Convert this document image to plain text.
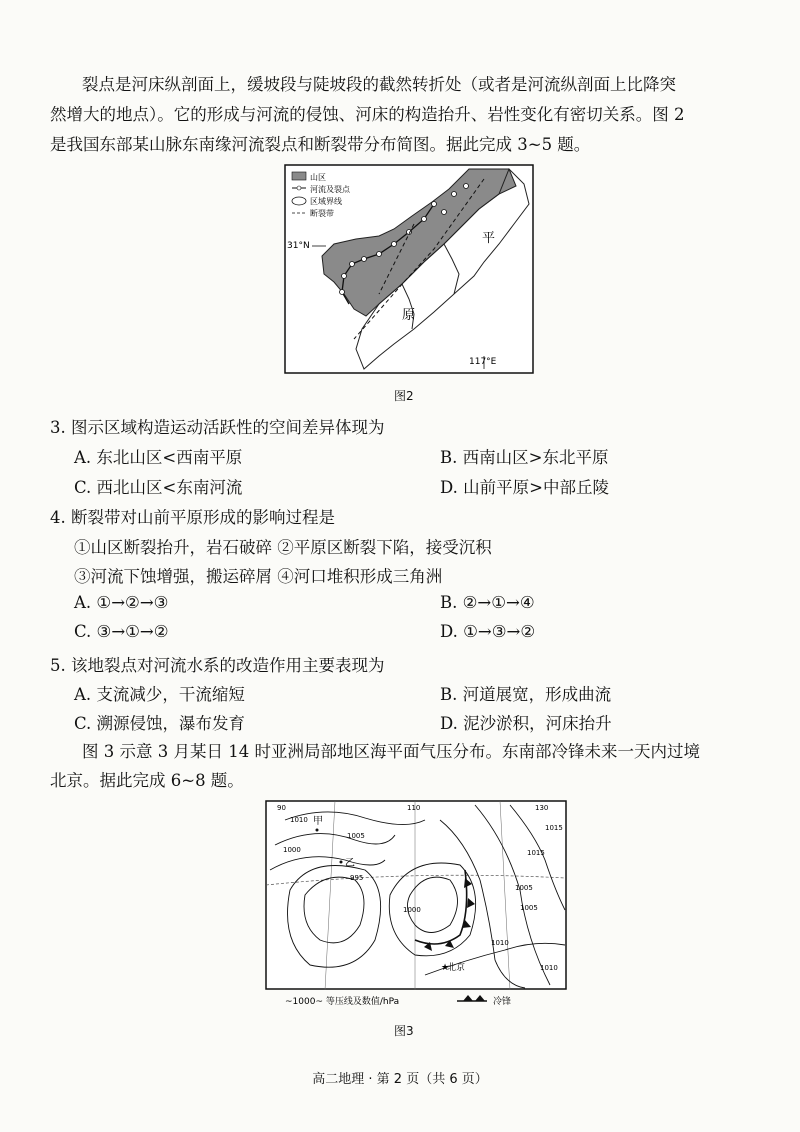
裂点是河床纵剖面上，缓坡段与陡坡段的截然转折处（或者是河流纵剖面上比降突
然增大的地点）。它的形成与河流的侵蚀、河床的构造抬升、岩性变化有密切关系。图 2
是我国东部某山脉东南缘河流裂点和断裂带分布简图。据此完成 3~5 题。
山区
河流及裂点
区域界线
断裂带
31°N	平
原
117°E
图2
3. 图示区域构造运动活跃性的空间差异体现为
A. 东北山区<西南平原	B. 西南山区>东北平原
C. 西北山区<东南河流	D. 山前平原>中部丘陵
4. 断裂带对山前平原形成的影响过程是
①山区断裂抬升，岩石破碎 ②平原区断裂下陷，接受沉积
③河流下蚀增强，搬运碎屑 ④河口堆积形成三角洲
A. ①→②→③	B. ②→①→④
C. ③→①→②	D. ①→③→②
5. 该地裂点对河流水系的改造作用主要表现为
A. 支流减少，干流缩短	B. 河道展宽，形成曲流
C. 溯源侵蚀，瀑布发育	D. 泥沙淤积，河床抬升
图 3 示意 3 月某日 14 时亚洲局部地区海平面气压分布。东南部冷锋未来一天内过境
北京。据此完成 6~8 题。
90	110	130
甲
乙
北京
★
1010
1005
1000
995
1000
1005
1010
1015
1015
1010
1005
~1000~ 等压线及数值/hPa	冷锋
图3
高二地理 · 第 2 页（共 6 页）
